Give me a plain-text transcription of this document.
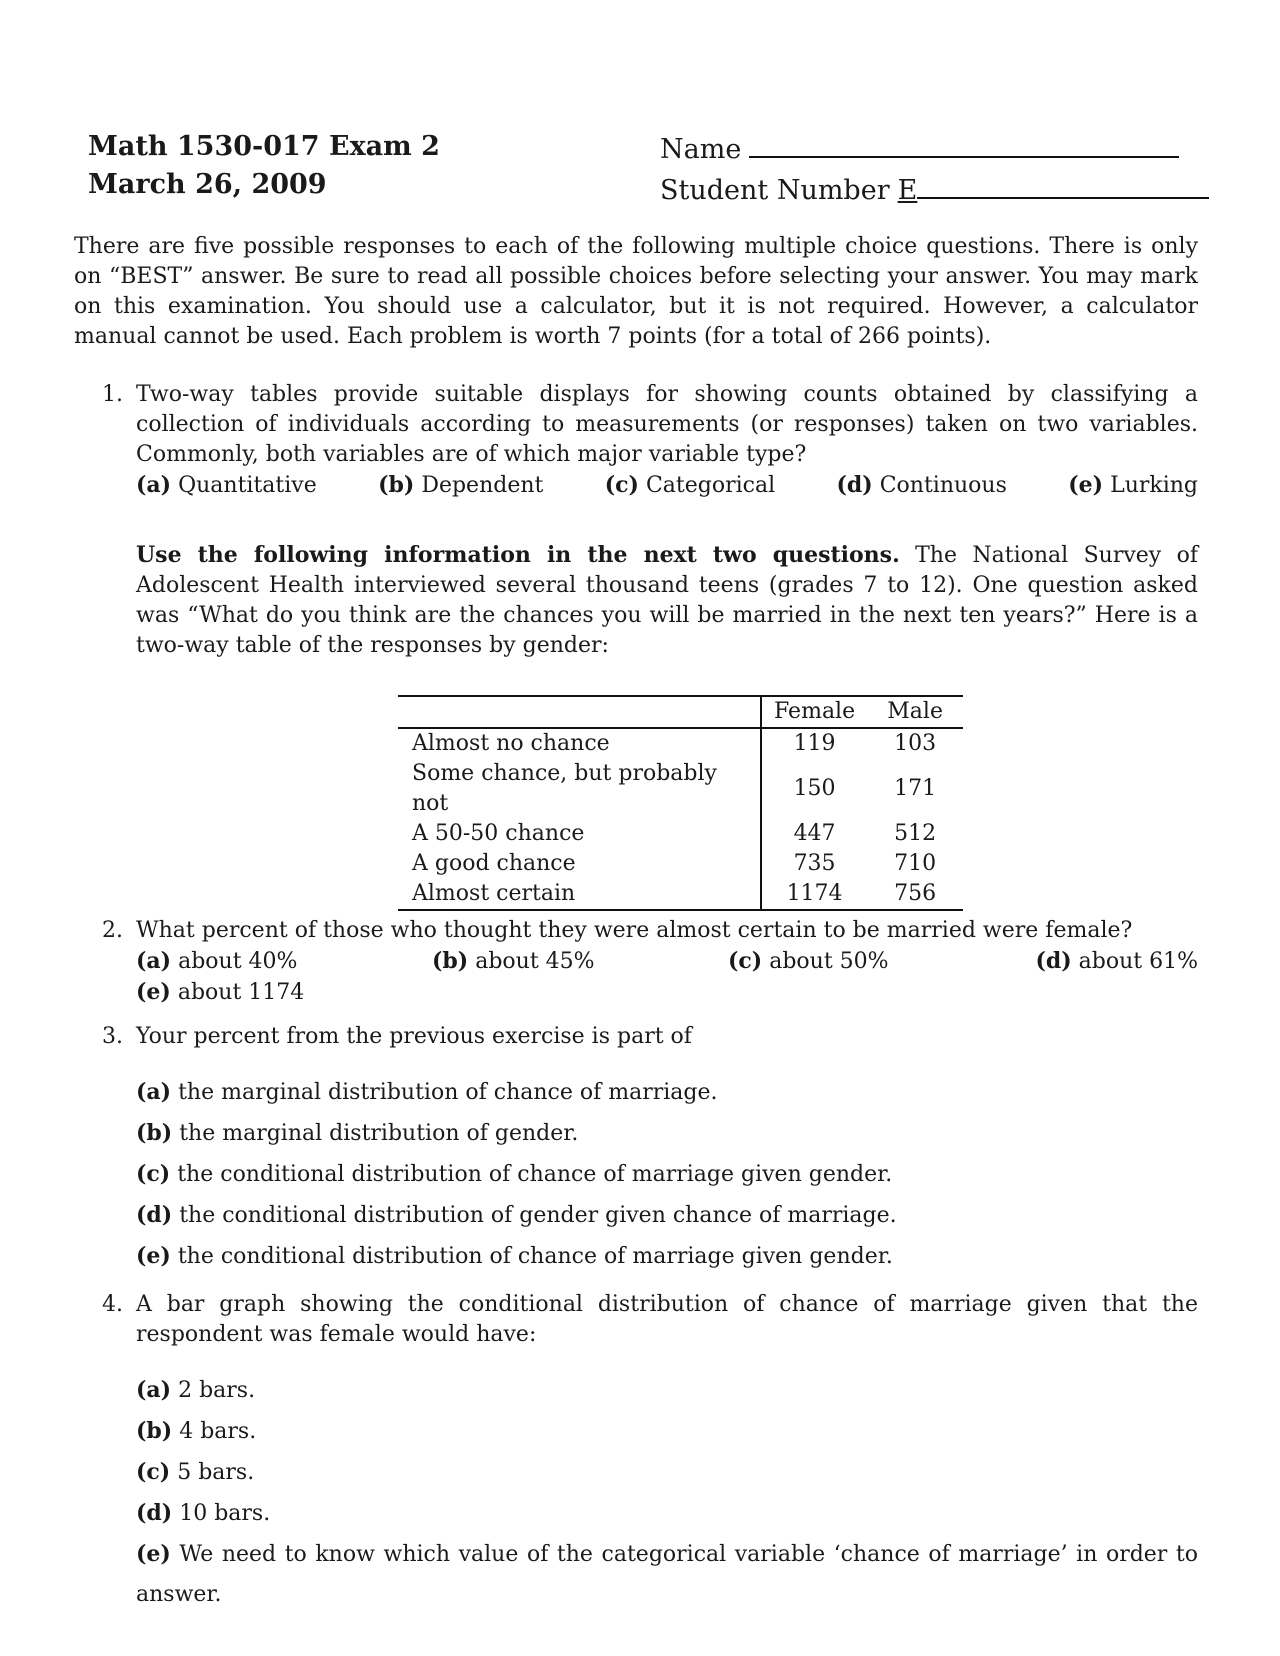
Math 1530-017 Exam 2
March 26, 2009
Name
Student Number E
There are five possible responses to each of the following multiple choice questions. There is only on “BEST” answer. Be sure to read all possible choices before selecting your answer. You may mark on this examination. You should use a calculator, but it is not required. However, a calculator manual cannot be used. Each problem is worth 7 points (for a total of 266 points).
1. Two-way tables provide suitable displays for showing counts obtained by classifying a collection of individuals according to measurements (or responses) taken on two variables. Commonly, both variables are of which major variable type?
(a) Quantitative	(b) Dependent	(c) Categorical	(d) Continuous	(e) Lurking
Use the following information in the next two questions. The National Survey of Adolescent Health interviewed several thousand teens (grades 7 to 12). One question asked was “What do you think are the chances you will be married in the next ten years?” Here is a two-way table of the responses by gender:
	Female	Male
Almost no chance	119	103
Some chance, but probably not	150	171
A 50-50 chance	447	512
A good chance	735	710
Almost certain	1174	756
2. What percent of those who thought they were almost certain to be married were female?
(a) about 40%	(b) about 45%	(c) about 50%	(d) about 61%
(e) about 1174
3. Your percent from the previous exercise is part of
(a) the marginal distribution of chance of marriage.
(b) the marginal distribution of gender.
(c) the conditional distribution of chance of marriage given gender.
(d) the conditional distribution of gender given chance of marriage.
(e) the conditional distribution of chance of marriage given gender.
4. A bar graph showing the conditional distribution of chance of marriage given that the respondent was female would have:
(a) 2 bars.
(b) 4 bars.
(c) 5 bars.
(d) 10 bars.
(e) We need to know which value of the categorical variable ‘chance of marriage’ in order to answer.
